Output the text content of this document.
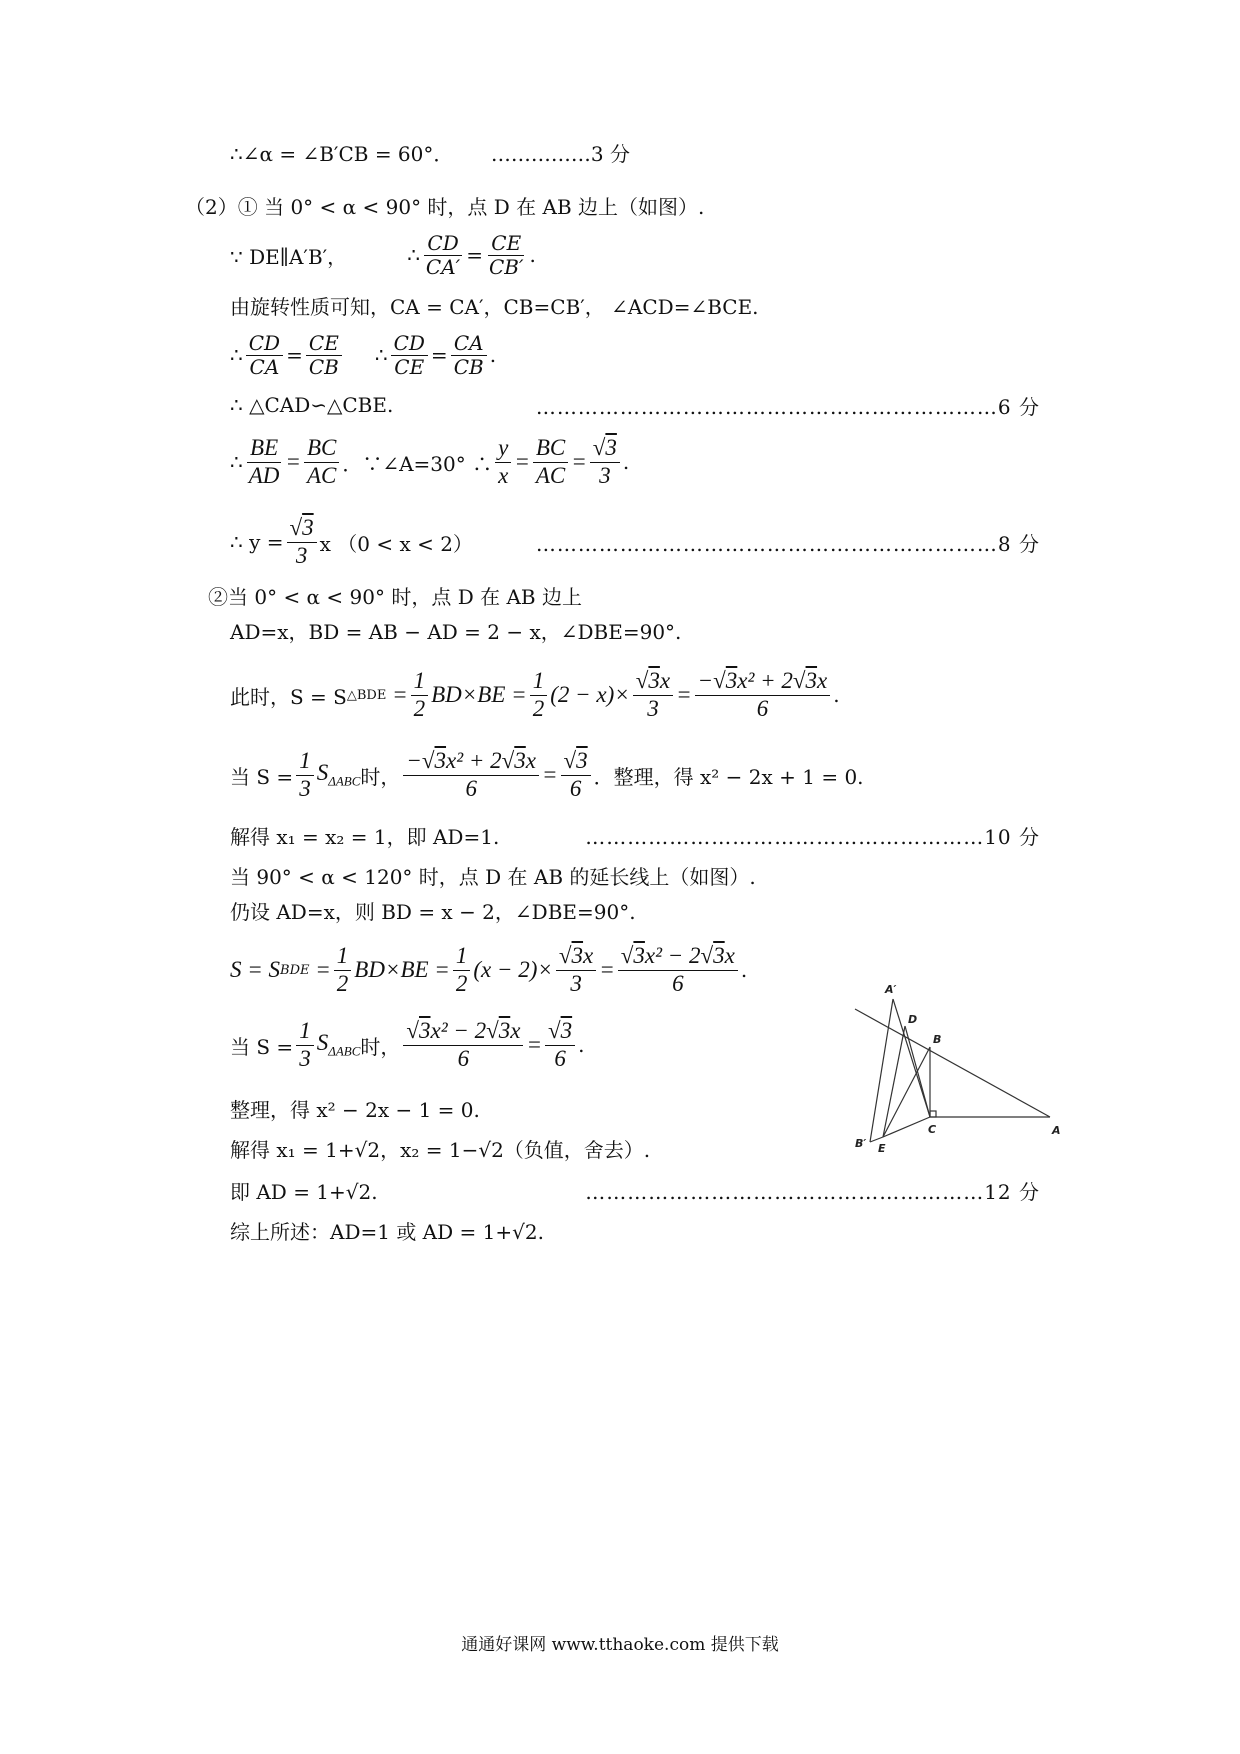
∴∠α = ∠B′CB = 60°． ……………3 分
（2）①
当 0° < α < 90° 时，点 D 在 AB 边上（如图）.
∵ DE∥A′B′，	∴ $\frac{CD}{CA'} = \frac{CE}{CB'}$ .
由旋转性质可知，CA = CA′，CB=CB′， ∠ACD=∠BCE.
∴ $\frac{CD}{CA} = \frac{CE}{CB}$ ∴ $\frac{CD}{CE} = \frac{CA}{CB}$ .
∴ △CAD∽△CBE.	…………………………………………………………6 分
∴ $\frac{BE}{AD} = \frac{BC}{AC}$ ．∵∠A=30° ∴ $\frac{y}{x} = \frac{BC}{AC} = \frac{√3}{3}$ .
∴ $y = \frac{√3}{3}$ x （0 < x < 2）	…………………………………………………………8 分
②当 0° < α < 90° 时，点 D 在 AB 边上
AD=x，BD = AB − AD = 2 − x，∠DBE=90°.
此时，S = S △BDE = $\frac{1}{2} BD\times BE = \frac{1}{2} (2 - x)\times \frac{√3x}{3} = \frac{\text{−√3x² + 2√3x}}{6}$ .
当 $S = \frac{1}{3} S_{\Delta ABC}$ 时， $\frac{\text{−√3x² + 2√3x}}{6} = \frac{√3}{6}$ ．整理，得 x² − 2x + 1 = 0.
解得 x₁ = x₂ = 1，即 AD=1.	…………………………………………………10 分
当 90° < α < 120° 时，点 D 在 AB 的延长线上（如图）.
仍设 AD=x，则 BD = x − 2，∠DBE=90°.
S = S BDE = $\frac{1}{2} BD\times BE = \frac{1}{2} (x - 2)\times \frac{√3x}{3} = \frac{\text{√3x² − 2√3x}}{6}$ .
当 $S = \frac{1}{3} S_{\Delta ABC}$ 时， $\frac{\text{√3x² − 2√3x}}{6} = \frac{√3}{6}$ .
整理，得 x² − 2x − 1 = 0.
解得 x₁ = 1+√2，x₂ = 1−√2（负值，舍去）.
即 AD = 1+√2.	…………………………………………………12 分
综上所述：AD=1 或 AD = 1+√2.
A′
D
B
C	A
B′ E
通通好课网 www.tthaoke.com 提供下载
